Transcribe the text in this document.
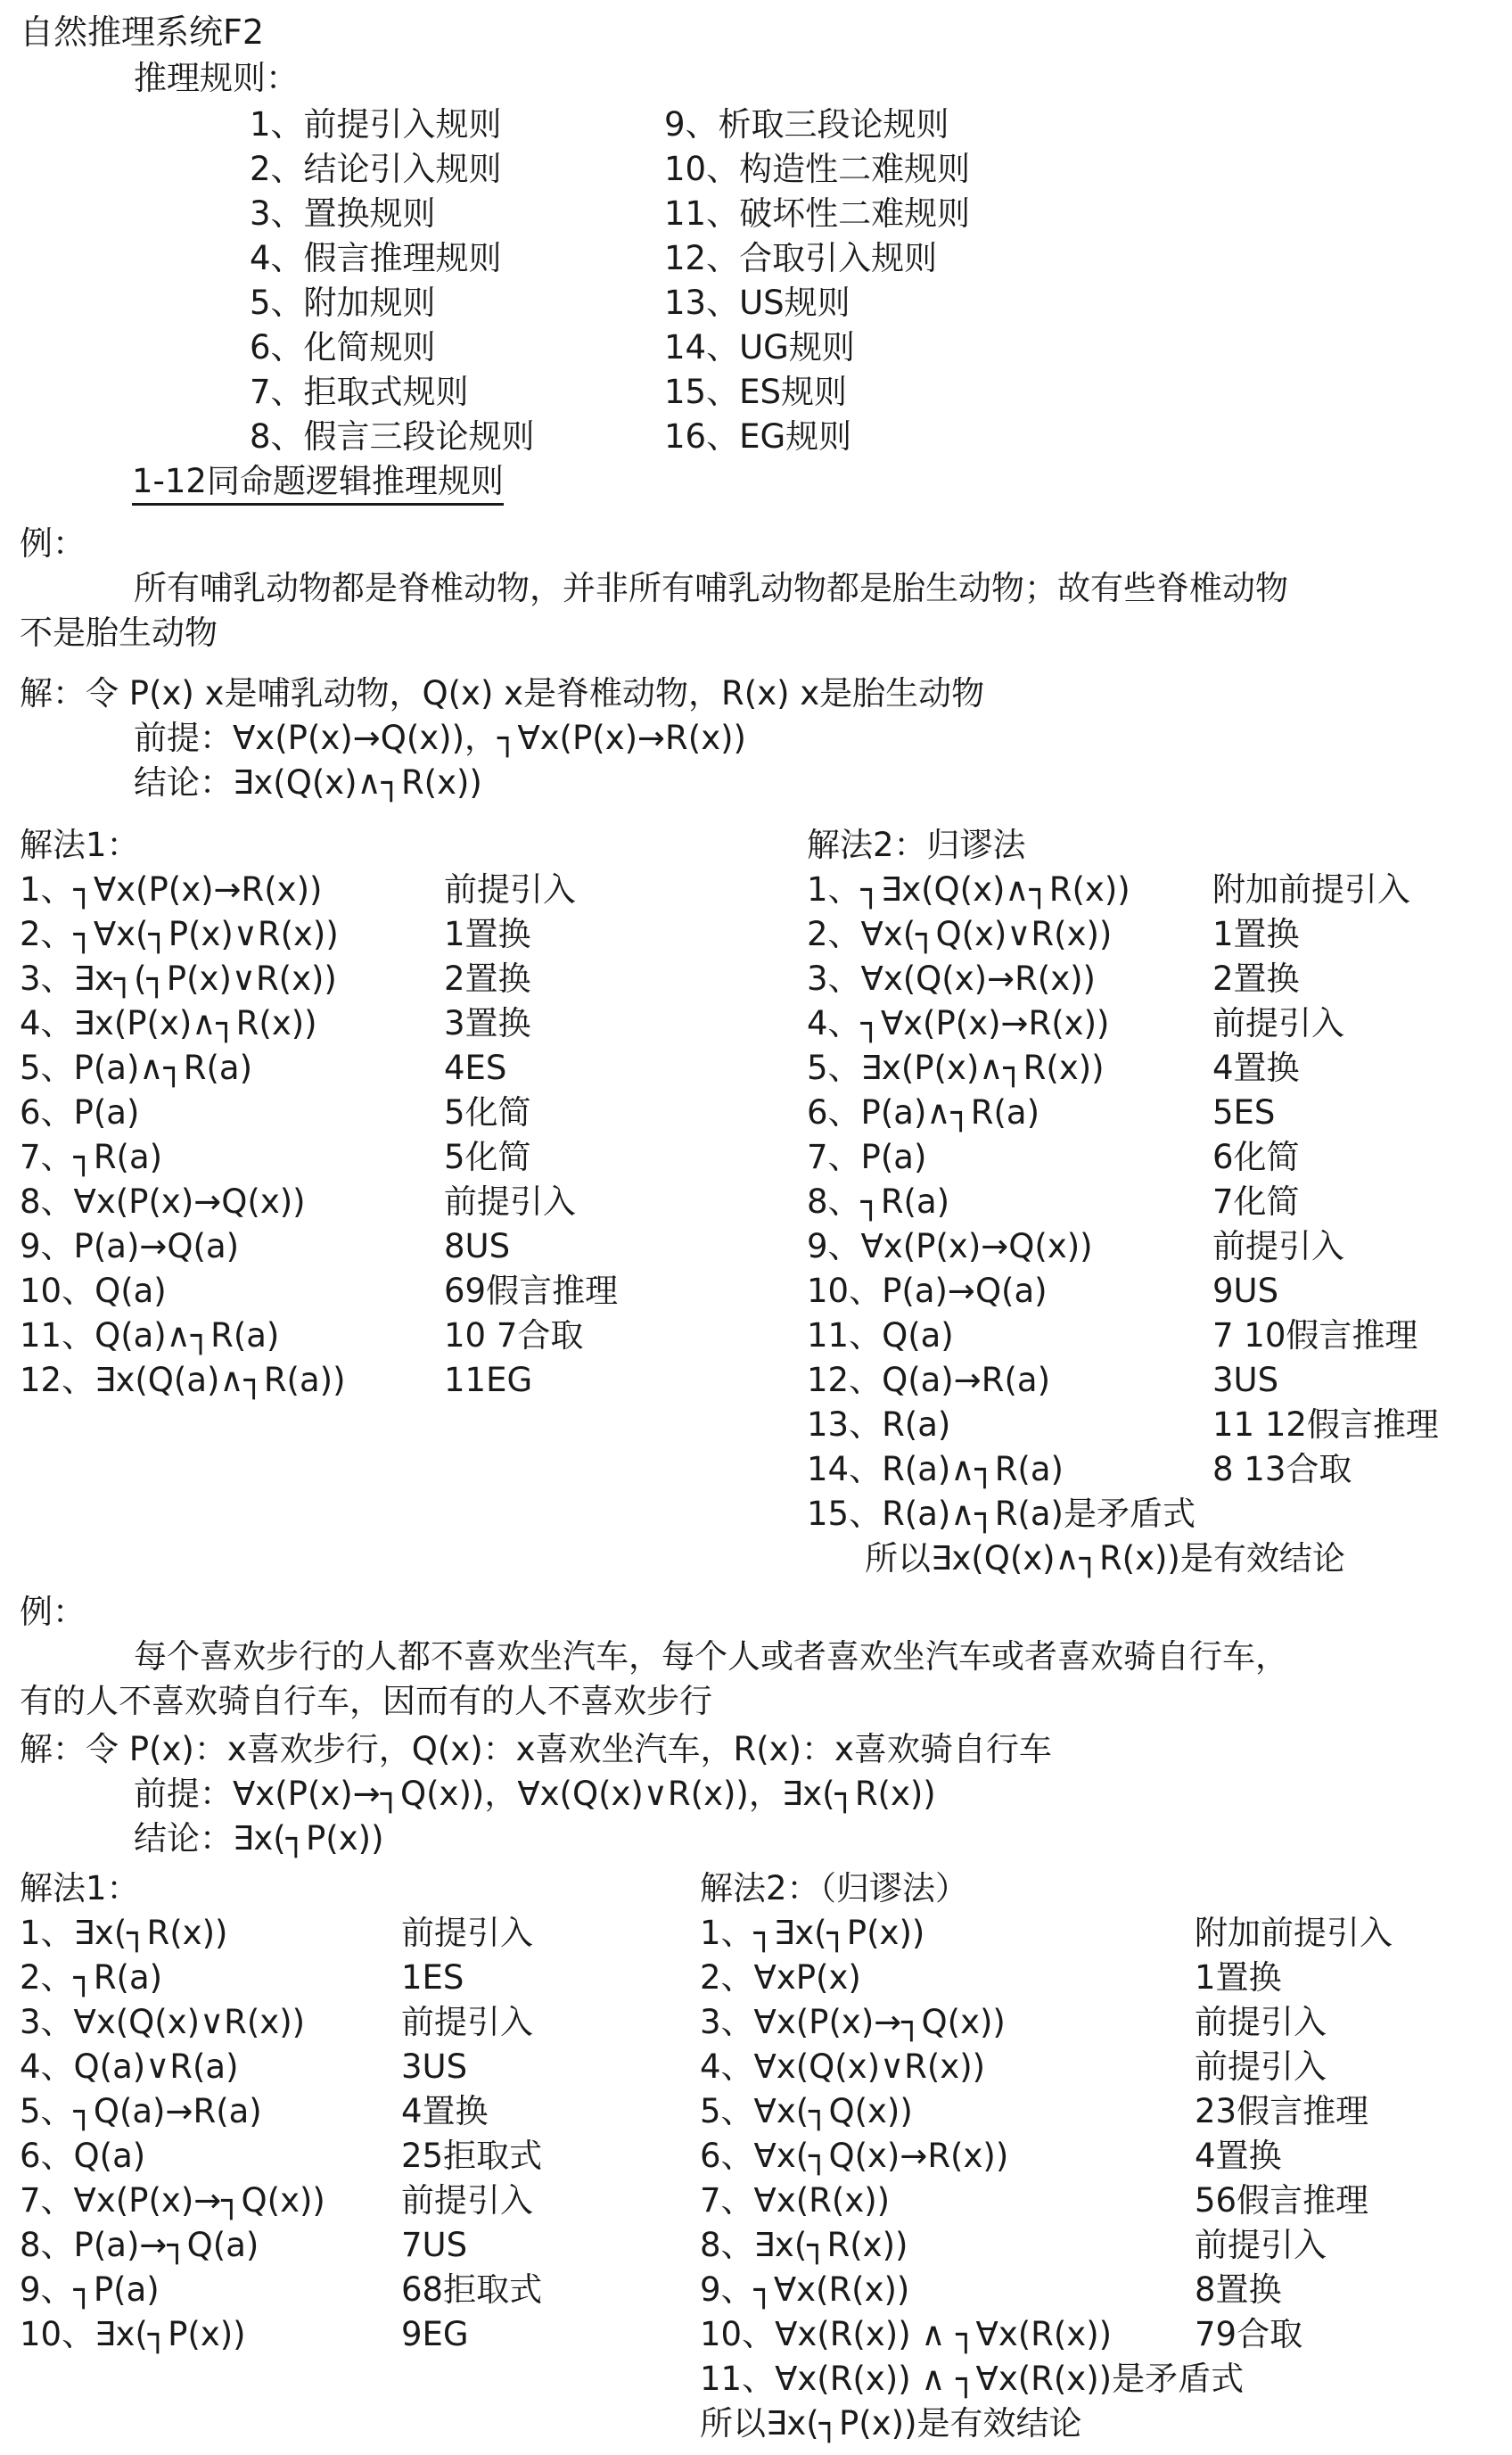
自然推理系统F2
推理规则：
1、前提引入规则
2、结论引入规则
3、置换规则
4、假言推理规则
5、附加规则
6、化简规则
7、拒取式规则
8、假言三段论规则
9、析取三段论规则
10、构造性二难规则
11、破坏性二难规则
12、合取引入规则
13、US规则
14、UG规则
15、ES规则
16、EG规则
1-12同命题逻辑推理规则
例：
所有哺乳动物都是脊椎动物，并非所有哺乳动物都是胎生动物；故有些脊椎动物
不是胎生动物
解：令 P(x) x是哺乳动物，Q(x) x是脊椎动物，R(x) x是胎生动物
前提：∀x(P(x)→Q(x))，┐∀x(P(x)→R(x))
结论：∃x(Q(x)∧┐R(x))
解法1：
1、┐∀x(P(x)→R(x))	前提引入
2、┐∀x(┐P(x)∨R(x))	1置换
3、∃x┐(┐P(x)∨R(x))	2置换
4、∃x(P(x)∧┐R(x))	3置换
5、P(a)∧┐R(a)	4ES
6、P(a)	5化简
7、┐R(a)	5化简
8、∀x(P(x)→Q(x))	前提引入
9、P(a)→Q(a)	8US
10、Q(a)	69假言推理
11、Q(a)∧┐R(a)	10 7合取
12、∃x(Q(a)∧┐R(a))	11EG
解法2：归谬法
1、┐∃x(Q(x)∧┐R(x)) 附加前提引入
2、∀x(┐Q(x)∨R(x))	1置换
3、∀x(Q(x)→R(x))	2置换
4、┐∀x(P(x)→R(x))	前提引入
5、∃x(P(x)∧┐R(x))	4置换
6、P(a)∧┐R(a)	5ES
7、P(a)	6化简
8、┐R(a)	7化简
9、∀x(P(x)→Q(x))	前提引入
10、P(a)→Q(a)	9US
11、Q(a)	7 10假言推理
12、Q(a)→R(a)	3US
13、R(a)	11 12假言推理
14、R(a)∧┐R(a)	8 13合取
15、R(a)∧┐R(a)是矛盾式
所以∃x(Q(x)∧┐R(x))是有效结论
例：
每个喜欢步行的人都不喜欢坐汽车，每个人或者喜欢坐汽车或者喜欢骑自行车，
有的人不喜欢骑自行车，因而有的人不喜欢步行
解：令 P(x)：x喜欢步行，Q(x)：x喜欢坐汽车，R(x)：x喜欢骑自行车
前提：∀x(P(x)→┐Q(x))，∀x(Q(x)∨R(x))，∃x(┐R(x))
结论：∃x(┐P(x))
解法1：
1、∃x(┐R(x))	前提引入
2、┐R(a)	1ES
3、∀x(Q(x)∨R(x))	前提引入
4、Q(a)∨R(a)	3US
5、┐Q(a)→R(a)	4置换
6、Q(a)	25拒取式
7、∀x(P(x)→┐Q(x)) 前提引入
8、P(a)→┐Q(a)	7US
9、┐P(a)	68拒取式
10、∃x(┐P(x))	9EG
解法2：（归谬法）
1、┐∃x(┐P(x))	附加前提引入
2、∀xP(x)	1置换
3、∀x(P(x)→┐Q(x))	前提引入
4、∀x(Q(x)∨R(x))	前提引入
5、∀x(┐Q(x))	23假言推理
6、∀x(┐Q(x)→R(x))	4置换
7、∀x(R(x))	56假言推理
8、∃x(┐R(x))	前提引入
9、┐∀x(R(x))	8置换
10、∀x(R(x)) ∧ ┐∀x(R(x))	79合取
11、∀x(R(x)) ∧ ┐∀x(R(x))是矛盾式
所以∃x(┐P(x))是有效结论
